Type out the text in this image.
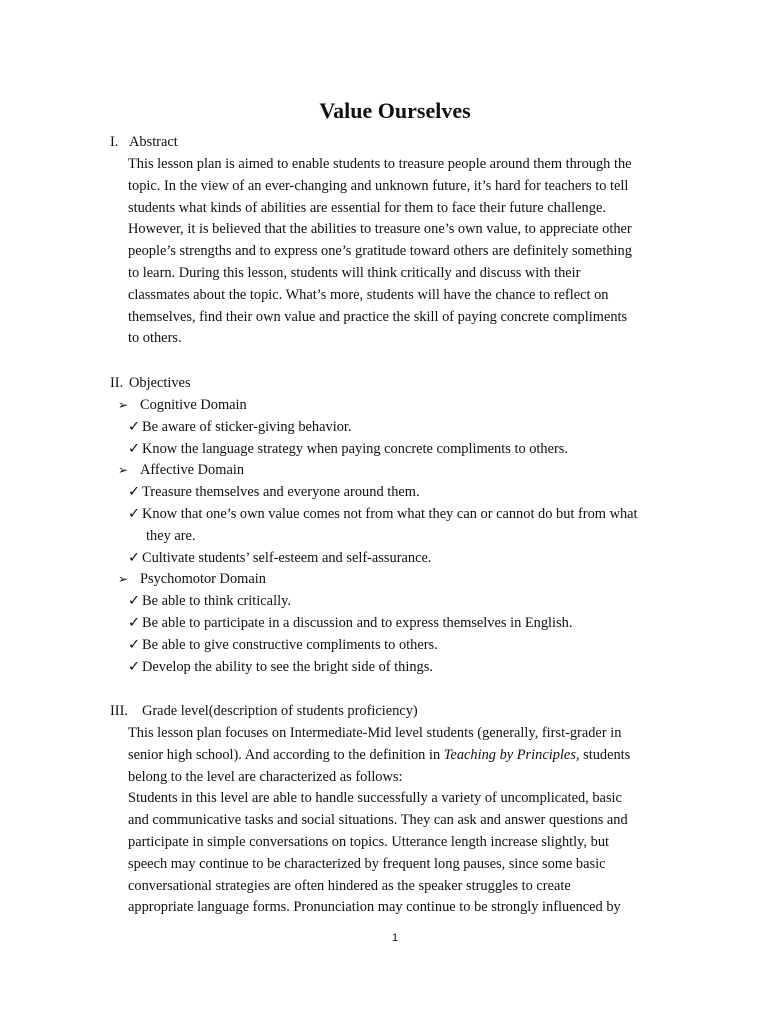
Value Ourselves
I. Abstract
This lesson plan is aimed to enable students to treasure people around them through the
topic. In the view of an ever-changing and unknown future, it’s hard for teachers to tell
students what kinds of abilities are essential for them to face their future challenge.
However, it is believed that the abilities to treasure one’s own value, to appreciate other
people’s strengths and to express one’s gratitude toward others are definitely something
to learn. During this lesson, students will think critically and discuss with their
classmates about the topic. What’s more, students will have the chance to reflect on
themselves, find their own value and practice the skill of paying concrete compliments
to others.
II. Objectives
➢ Cognitive Domain
✓ Be aware of sticker-giving behavior.
✓ Know the language strategy when paying concrete compliments to others.
➢ Affective Domain
✓ Treasure themselves and everyone around them.
✓ Know that one’s own value comes not from what they can or cannot do but from what
they are.
✓ Cultivate students’ self-esteem and self-assurance.
➢ Psychomotor Domain
✓ Be able to think critically.
✓ Be able to participate in a discussion and to express themselves in English.
✓ Be able to give constructive compliments to others.
✓ Develop the ability to see the bright side of things.
III. Grade level(description of students proficiency)
This lesson plan focuses on Intermediate-Mid level students (generally, first-grader in
senior high school). And according to the definition in Teaching by Principles, students
belong to the level are characterized as follows:
Students in this level are able to handle successfully a variety of uncomplicated, basic
and communicative tasks and social situations. They can ask and answer questions and
participate in simple conversations on topics. Utterance length increase slightly, but
speech may continue to be characterized by frequent long pauses, since some basic
conversational strategies are often hindered as the speaker struggles to create
appropriate language forms. Pronunciation may continue to be strongly influenced by
1
